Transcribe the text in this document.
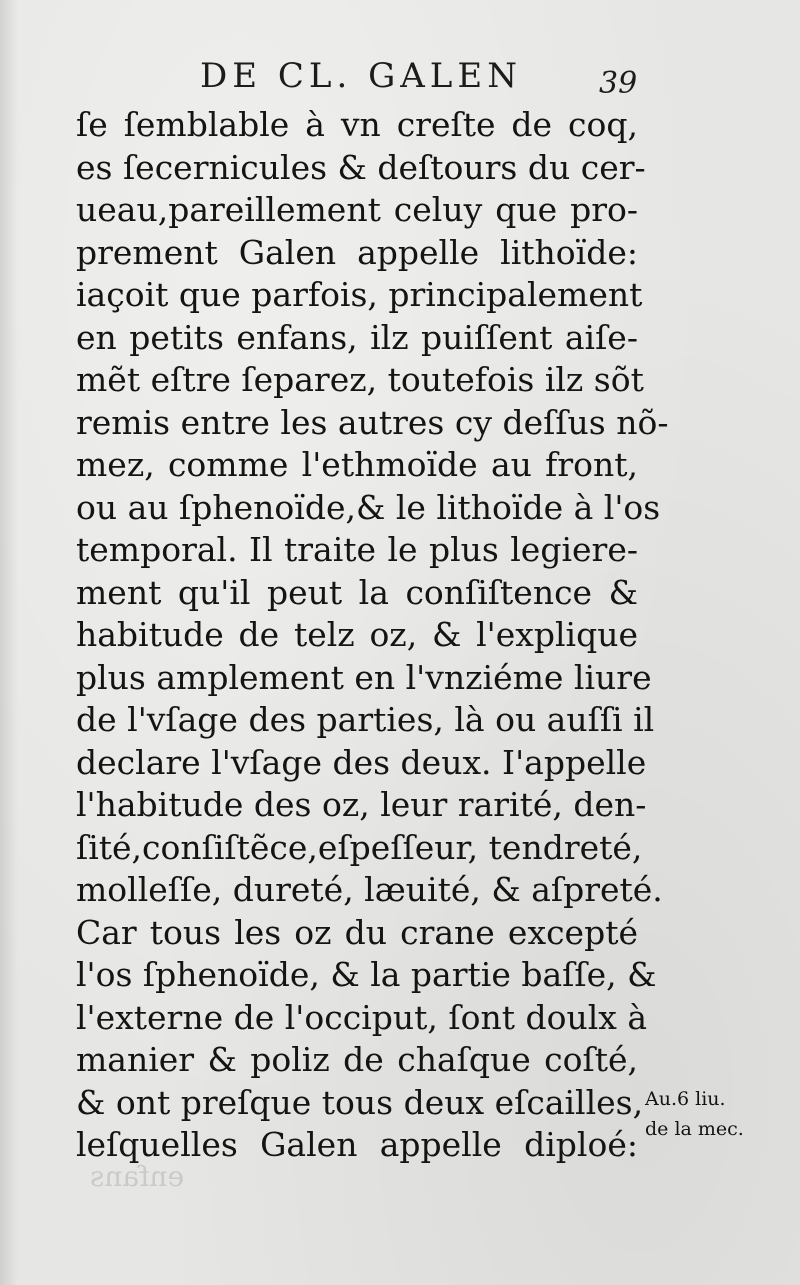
DE CL. GALEN	39
ſe ſemblable à vn creſte de coq,
es ſecernicules & deſtours du cer-
ueau,pareillement celuy que pro-
prement Galen appelle lithoïde:
iaçoit que parfois, principalement
en petits enfans, ilz puiſſent aiſe-
mẽt eſtre ſeparez, toutefois ilz sõt
remis entre les autres cy deſſus nõ-
mez, comme l'ethmoïde au front,
ou au ſphenoïde,& le lithoïde à l'os
temporal. Il traite le plus legiere-
ment qu'il peut la conſiſtence &
habitude de telz oz, & l'explique
plus amplement en l'vnziéme liure
de l'vſage des parties, là ou auſſi il
declare l'vſage des deux. I'appelle
l'habitude des oz, leur rarité, den-
ſité,conſiſtẽce,eſpeſſeur, tendreté,
molleſſe, dureté, læuité, & aſpreté.
Car tous les oz du crane excepté
l'os ſphenoïde, & la partie baſſe, &
l'externe de l'occiput, ſont doulx à
manier & poliz de chaſque coſté,
& ont preſque tous deux eſcailles,
leſquelles Galen appelle diploé:
Au.6 liu.
de la mec.
enfans
